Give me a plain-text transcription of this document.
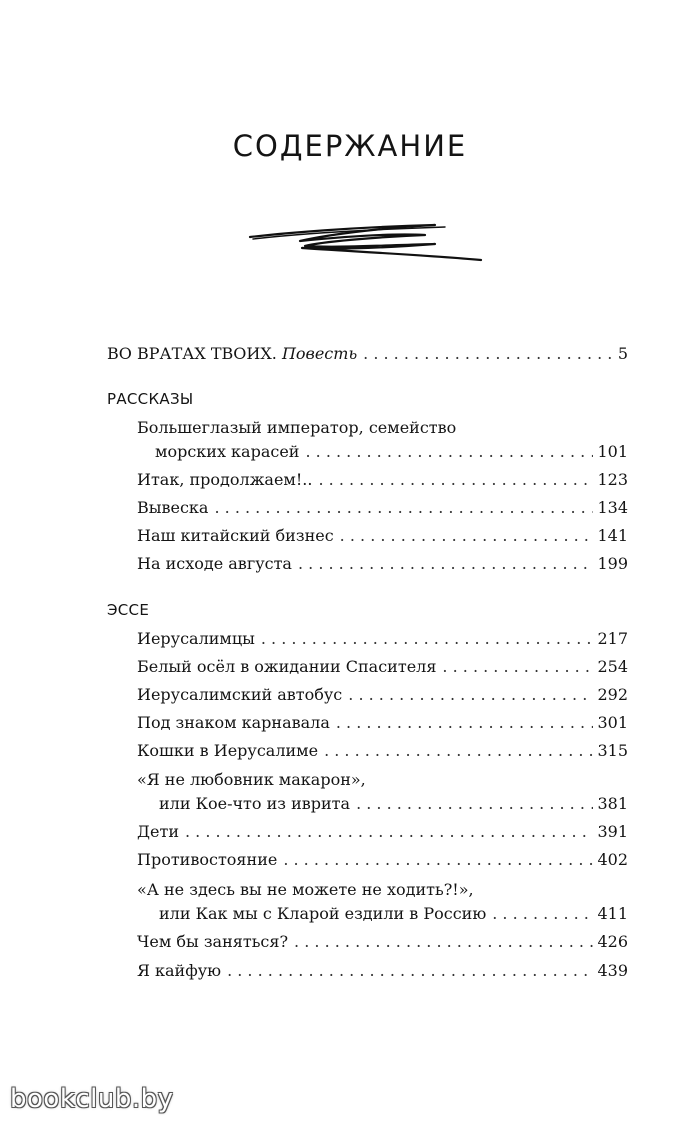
СОДЕРЖАНИЕ
ВО ВРАТАХ ТВОИХ. Повесть . . .	5
РАССКАЗЫ
Большеглазый император, семейство
морских карасей . . .	101
Итак, продолжаем!.. . . .	123
Вывеска . . .	134
Наш китайский бизнес . . .	141
На исходе августа . . .	199
ЭССЕ
Иерусалимцы . . .	217
Белый осёл в ожидании Спасителя . . .	254
Иерусалимский автобус . . .	292
Под знаком карнавала . . .	301
Кошки в Иерусалиме . . .	315
«Я не любовник макарон»,
или Кое-что из иврита . . .	381
Дети . . .	391
Противостояние . . .	402
«А не здесь вы не можете не ходить?!»,
или Как мы с Кларой ездили в Россию . . .	411
Чем бы заняться? . . .	426
Я кайфую . . .	439
bookclub.by
